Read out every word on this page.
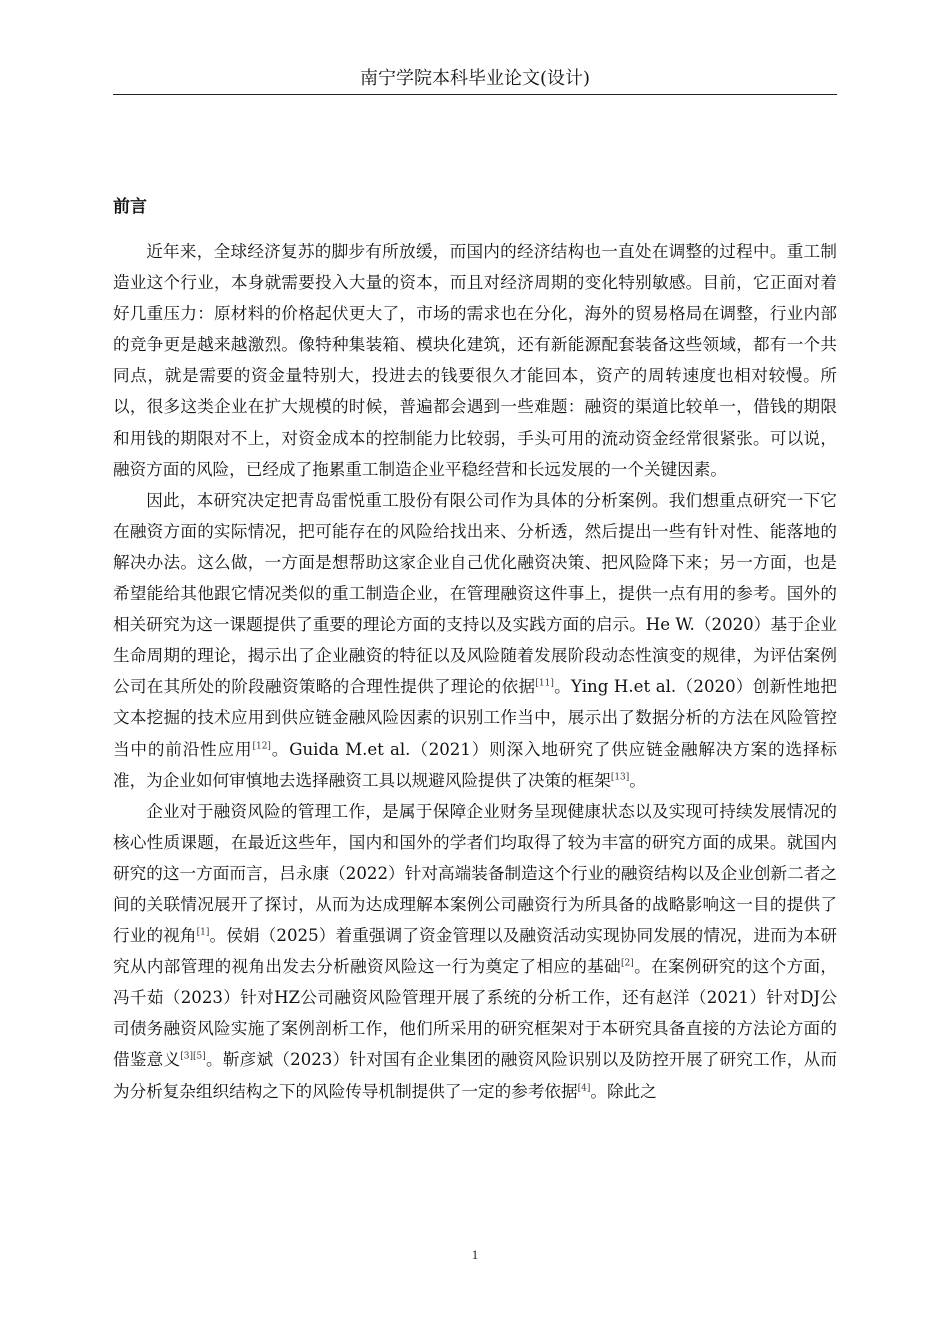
南宁学院本科毕业论文(设计)
前言

近年来，全球经济复苏的脚步有所放缓，而国内的经济结构也一直处在调整的过程中。重工制造业这个行业，本身就需要投入大量的资本，而且对经济周期的变化特别敏感。目前，它正面对着好几重压力：原材料的价格起伏更大了，市场的需求也在分化，海外的贸易格局在调整，行业内部的竞争更是越来越激烈。像特种集装箱、模块化建筑，还有新能源配套装备这些领域，都有一个共同点，就是需要的资金量特别大，投进去的钱要很久才能回本，资产的周转速度也相对较慢。所以，很多这类企业在扩大规模的时候，普遍都会遇到一些难题：融资的渠道比较单一，借钱的期限和用钱的期限对不上，对资金成本的控制能力比较弱，手头可用的流动资金经常很紧张。可以说，融资方面的风险，已经成了拖累重工制造企业平稳经营和长远发展的一个关键因素。

因此，本研究决定把青岛雷悦重工股份有限公司作为具体的分析案例。我们想重点研究一下它在融资方面的实际情况，把可能存在的风险给找出来、分析透，然后提出一些有针对性、能落地的解决办法。这么做，一方面是想帮助这家企业自己优化融资决策、把风险降下来；另一方面，也是希望能给其他跟它情况类似的重工制造企业，在管理融资这件事上，提供一点有用的参考。国外的相关研究为这一课题提供了重要的理论方面的支持以及实践方面的启示。He W.（2020）基于企业生命周期的理论，揭示出了企业融资的特征以及风险随着发展阶段动态性演变的规律，为评估案例公司在其所处的阶段融资策略的合理性提供了理论的依据[11]。Ying H.et al.（2020）创新性地把文本挖掘的技术应用到供应链金融风险因素的识别工作当中，展示出了数据分析的方法在风险管控当中的前沿性应用[12]。Guida M.et al.（2021）则深入地研究了供应链金融解决方案的选择标准，为企业如何审慎地去选择融资工具以规避风险提供了决策的框架[13]。

企业对于融资风险的管理工作，是属于保障企业财务呈现健康状态以及实现可持续发展情况的核心性质课题，在最近这些年，国内和国外的学者们均取得了较为丰富的研究方面的成果。就国内研究的这一方面而言，吕永康（2022）针对高端装备制造这个行业的融资结构以及企业创新二者之间的关联情况展开了探讨，从而为达成理解本案例公司融资行为所具备的战略影响这一目的提供了行业的视角[1]。侯娟（2025）着重强调了资金管理以及融资活动实现协同发展的情况，进而为本研究从内部管理的视角出发去分析融资风险这一行为奠定了相应的基础[2]。在案例研究的这个方面，冯千茹（2023）针对HZ公司融资风险管理开展了系统的分析工作，还有赵洋（2021）针对DJ公司债务融资风险实施了案例剖析工作，他们所采用的研究框架对于本研究具备直接的方法论方面的借鉴意义[3][5]。靳彦斌（2023）针对国有企业集团的融资风险识别以及防控开展了研究工作，从而为分析复杂组织结构之下的风险传导机制提供了一定的参考依据[4]。除此之

1
